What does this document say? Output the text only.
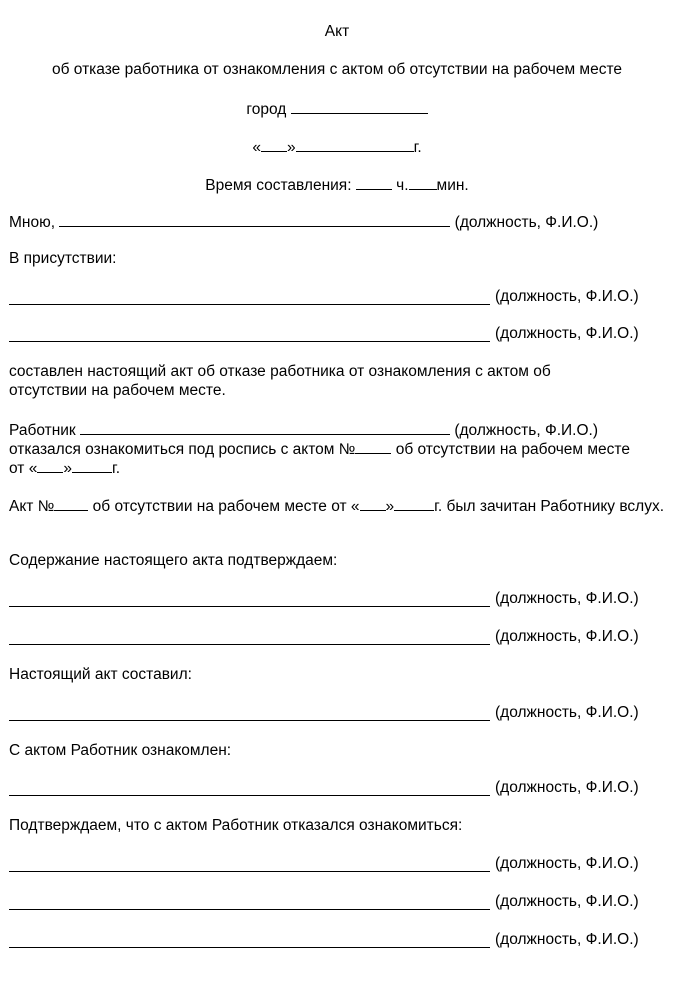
Акт
об отказе работника от ознакомления с актом об отсутствии на рабочем месте
город
« »	г.
Время составления:	ч. мин.
Мною,	(должность, Ф.И.О.)
В присутствии:
(должность, Ф.И.О.)
(должность, Ф.И.О.)
составлен настоящий акт об отказе работника от ознакомления с актом об отсутствии на рабочем месте.
Работник	(должность, Ф.И.О.)
отказался ознакомиться под роспись с актом №	об отсутствии на рабочем месте
от « »	г.
Акт № об отсутствии на рабочем месте от « »	г. был зачитан Работнику вслух.
Содержание настоящего акта подтверждаем:
(должность, Ф.И.О.)
(должность, Ф.И.О.)
Настоящий акт составил:
(должность, Ф.И.О.)
С актом Работник ознакомлен:
(должность, Ф.И.О.)
Подтверждаем, что с актом Работник отказался ознакомиться:
(должность, Ф.И.О.)
(должность, Ф.И.О.)
(должность, Ф.И.О.)
